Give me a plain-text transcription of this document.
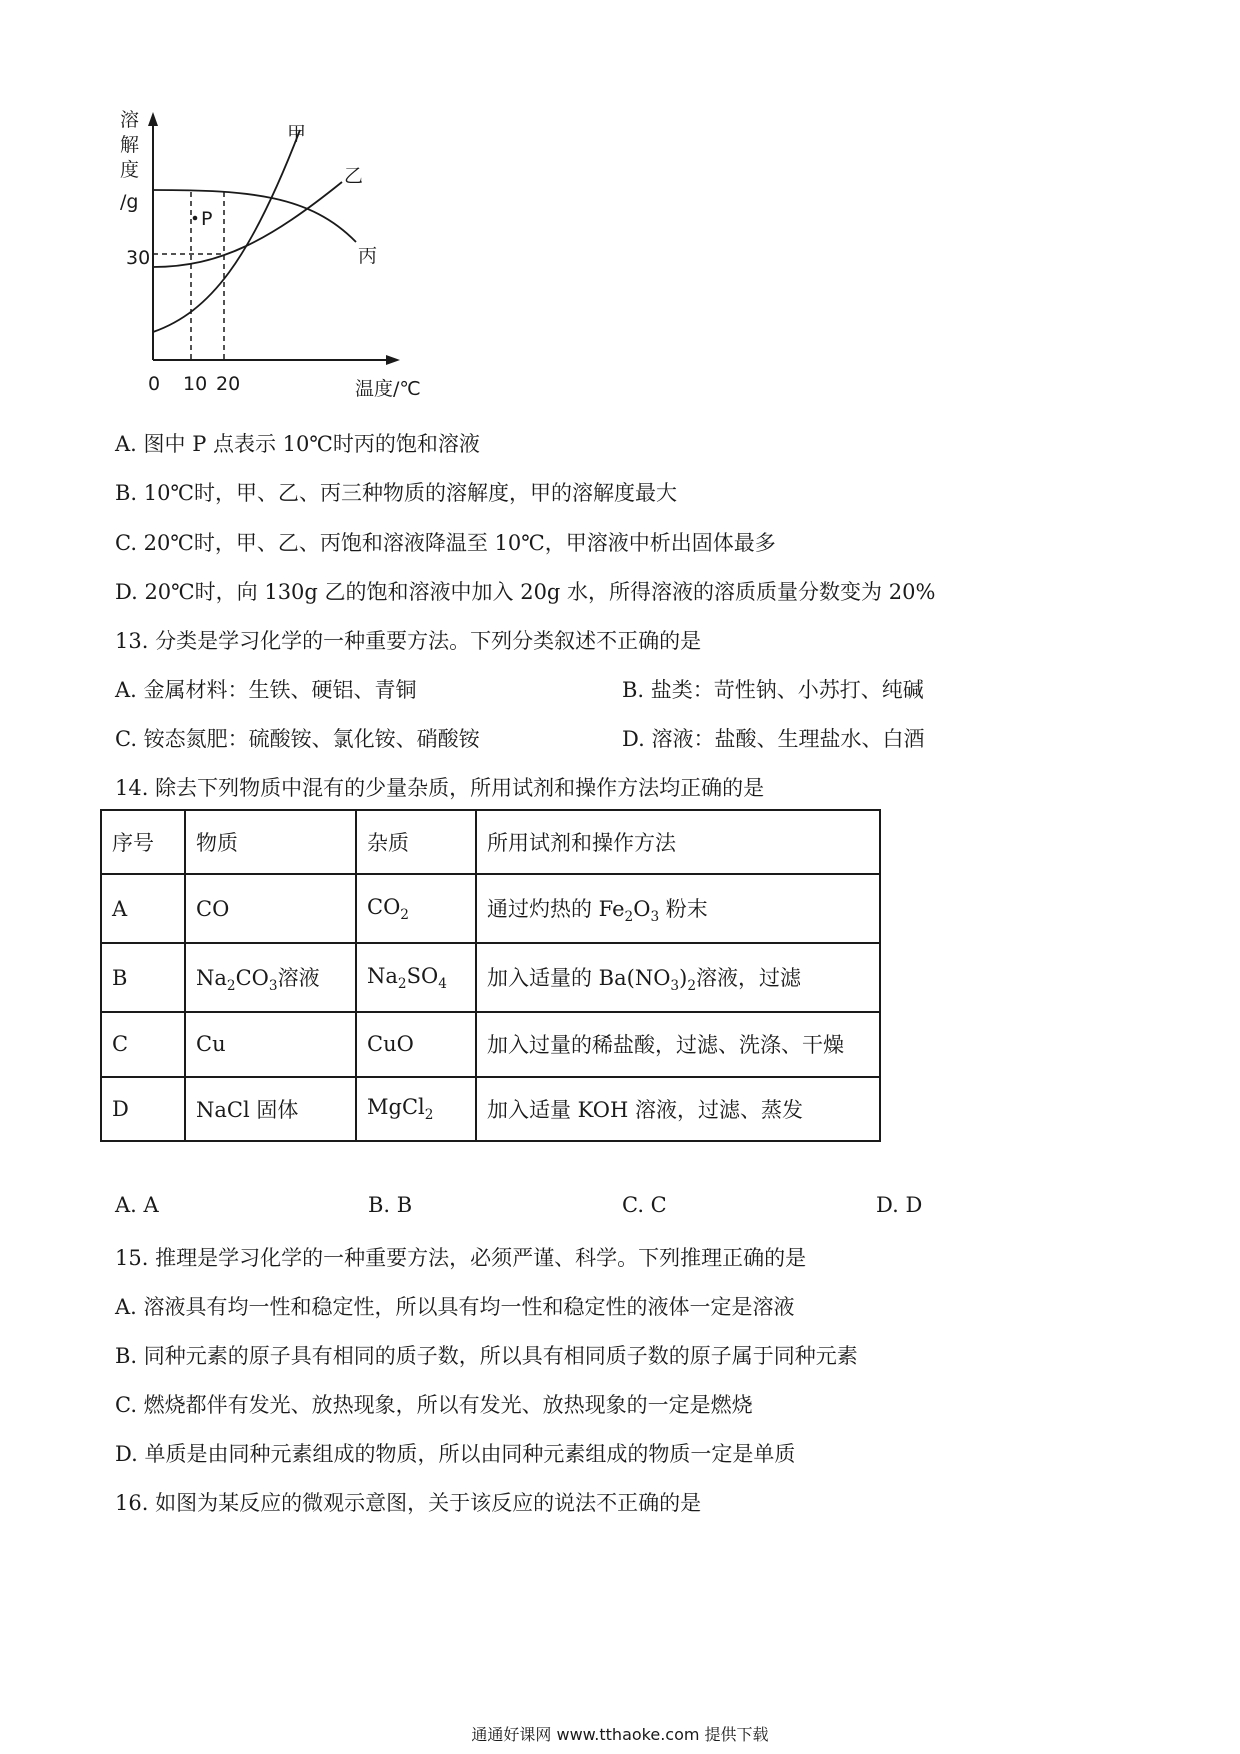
溶
解
度
/g
30
0 10 20	温度/℃
甲
乙
丙
P
A. 图中 P 点表示 10℃时丙的饱和溶液
B. 10℃时，甲、乙、丙三种物质的溶解度，甲的溶解度最大
C. 20℃时，甲、乙、丙饱和溶液降温至 10℃，甲溶液中析出固体最多
D. 20℃时，向 130g 乙的饱和溶液中加入 20g 水，所得溶液的溶质质量分数变为 20%
13. 分类是学习化学的一种重要方法。下列分类叙述不正确的是
A. 金属材料：生铁、硬铝、青铜	B. 盐类：苛性钠、小苏打、纯碱
C. 铵态氮肥：硫酸铵、氯化铵、硝酸铵	D. 溶液：盐酸、生理盐水、白酒
14. 除去下列物质中混有的少量杂质，所用试剂和操作方法均正确的是
序号	物质	杂质	所用试剂和操作方法
A	CO	$CO_2$	通过灼热的 $Fe_2O_3$ 粉末
B	$Na_2CO_3$溶液	$Na_2SO_4$	加入适量的 $Ba(NO_3)_2$溶液，过滤
C	Cu	CuO	加入过量的稀盐酸，过滤、洗涤、干燥
D	NaCl 固体	MgCl$_2$	加入适量 KOH 溶液，过滤、蒸发
A. A	B. B	C. C	D. D
15. 推理是学习化学的一种重要方法，必须严谨、科学。下列推理正确的是
A. 溶液具有均一性和稳定性，所以具有均一性和稳定性的液体一定是溶液
B. 同种元素的原子具有相同的质子数，所以具有相同质子数的原子属于同种元素
C. 燃烧都伴有发光、放热现象，所以有发光、放热现象的一定是燃烧
D. 单质是由同种元素组成的物质，所以由同种元素组成的物质一定是单质
16. 如图为某反应的微观示意图，关于该反应的说法不正确的是
通通好课网 www.tthaoke.com 提供下载
